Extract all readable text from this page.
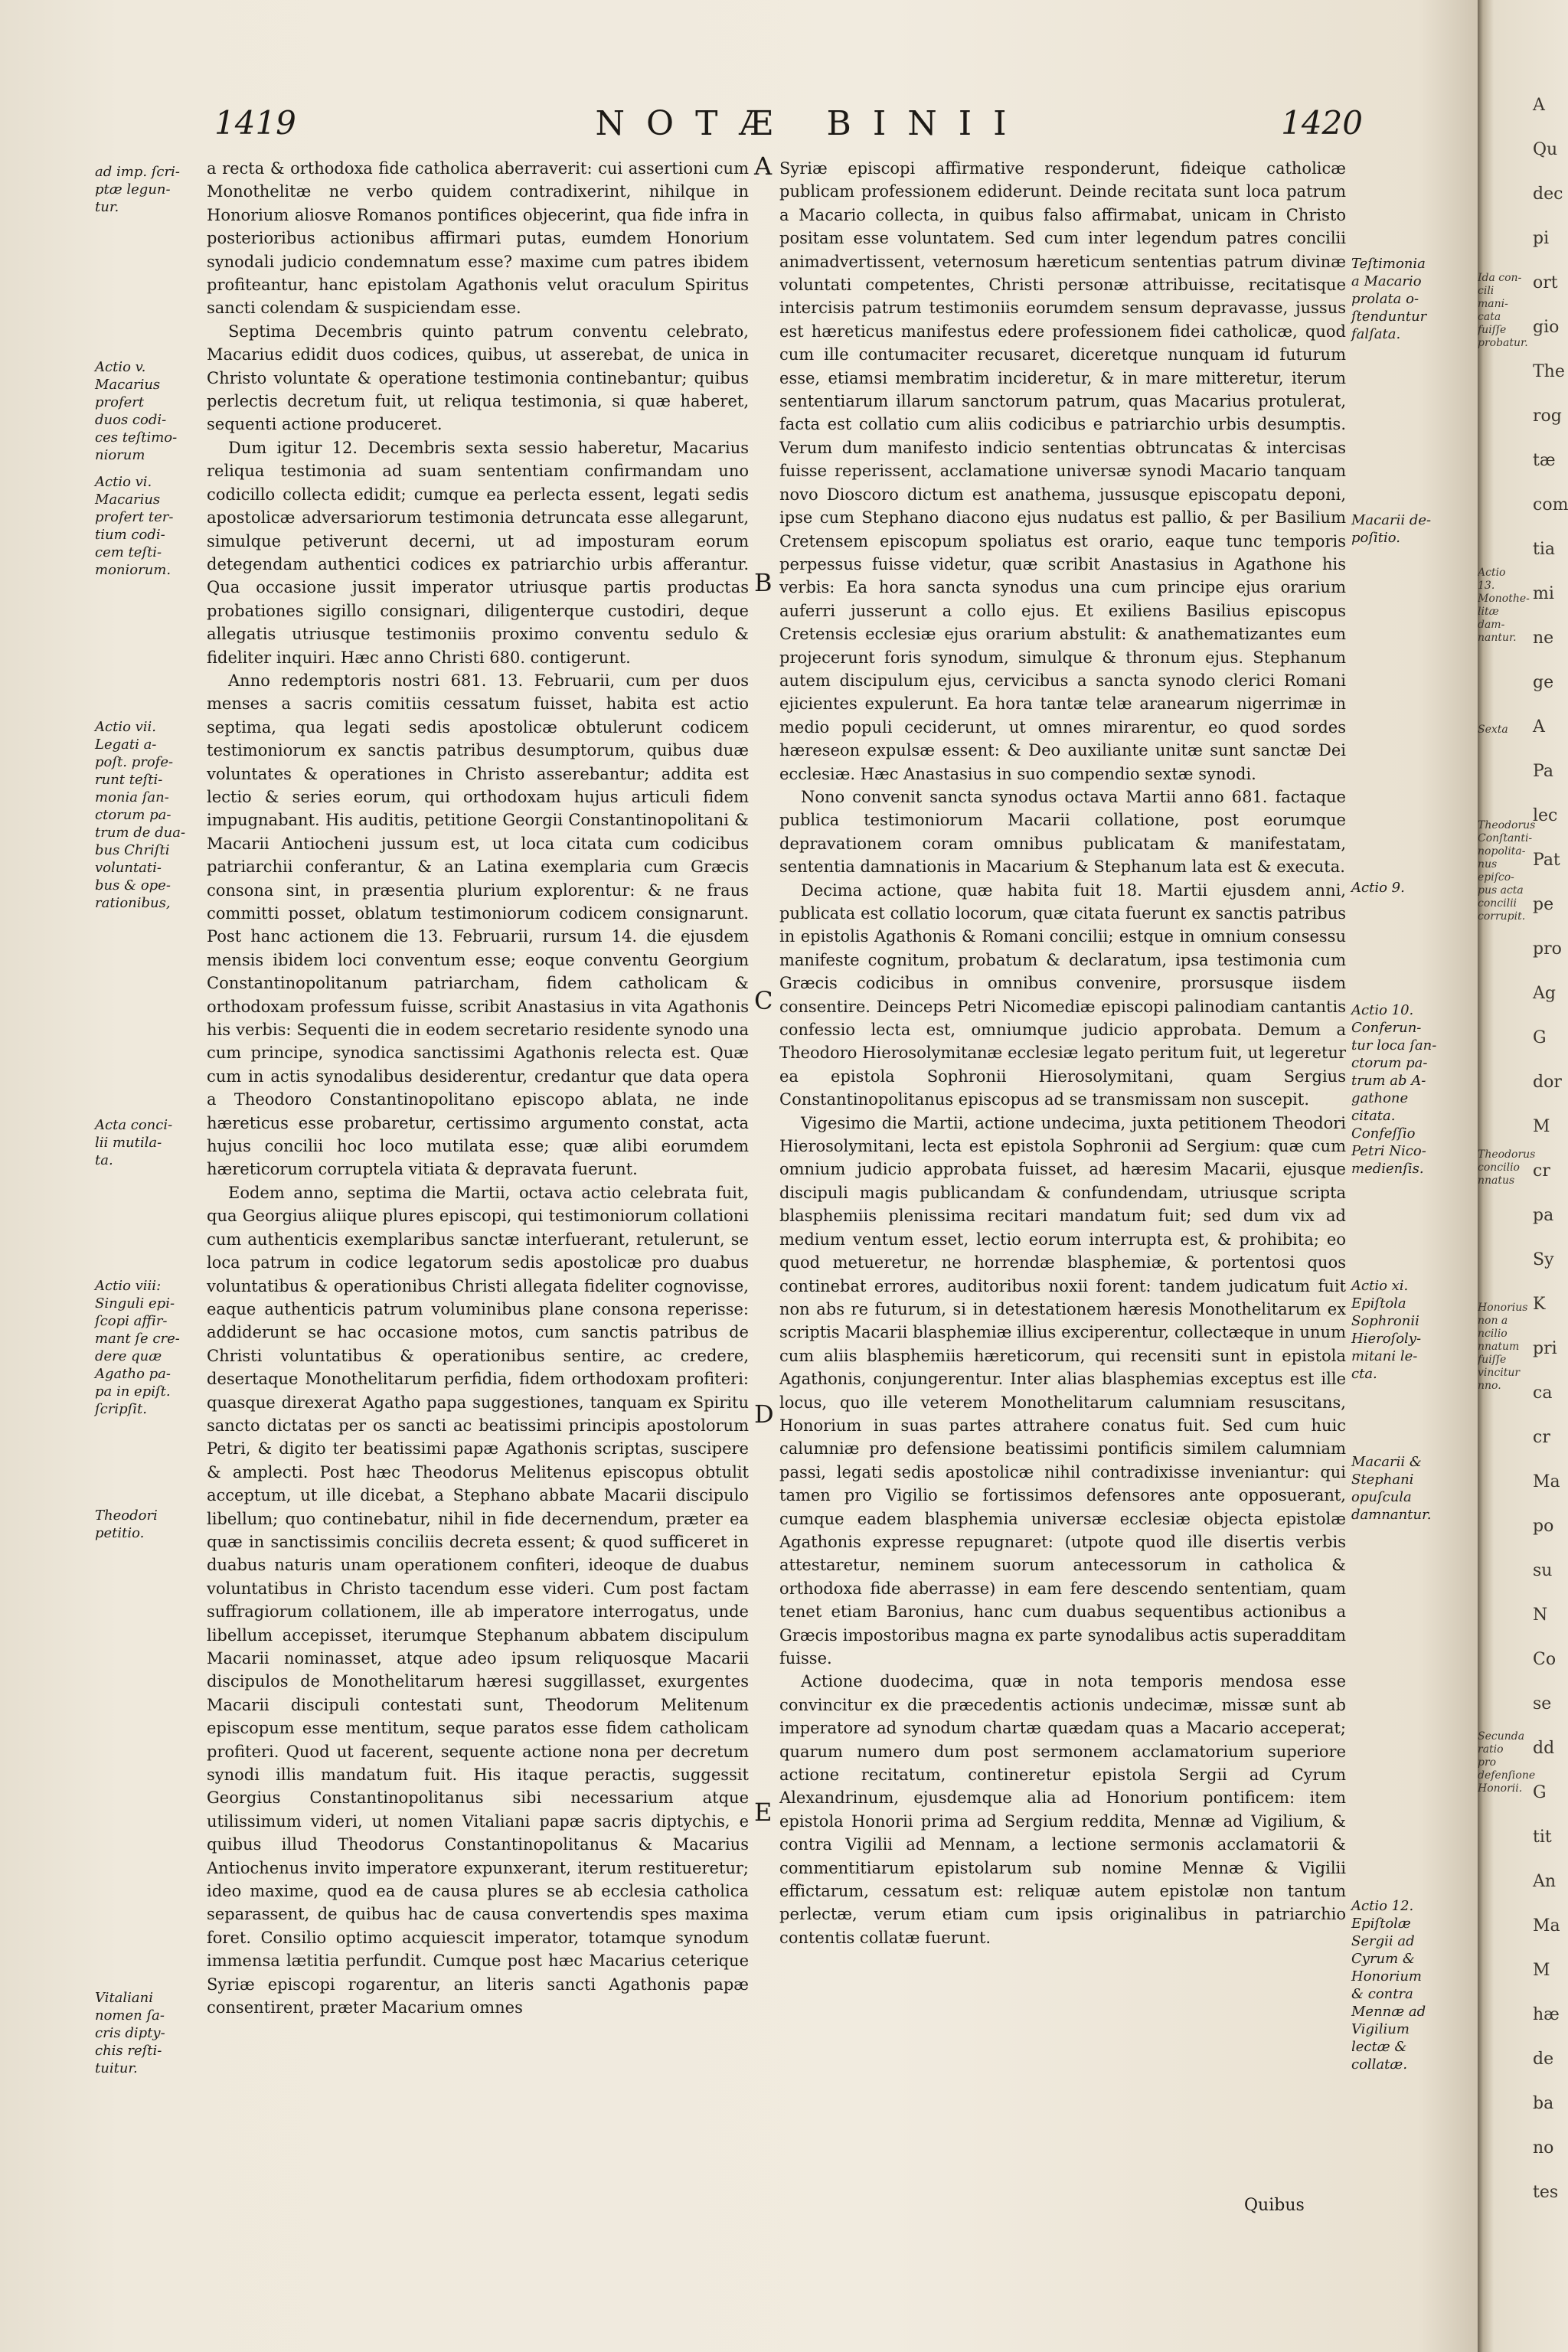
1419	NOTÆ BINII	1420

a recta & orthodoxa fide catholica aberraverit: cui assertioni cum Monothelitæ ne verbo quidem contradixerint, nihilque in Honorium aliosve Romanos pontifices objecerint, qua fide infra in posterioribus actionibus affirmari putas, eumdem Honorium synodali judicio condemnatum esse? maxime cum patres ibidem profiteantur, hanc epistolam Agathonis velut oraculum Spiritus sancti colendam & suspiciendam esse.

Septima Decembris quinto patrum conventu celebrato, Macarius edidit duos codices, quibus, ut asserebat, de unica in Christo voluntate & operatione testimonia continebantur; quibus perlectis decretum fuit, ut reliqua testimonia, si quæ haberet, sequenti actione produceret.

Dum igitur 12. Decembris sexta sessio haberetur, Macarius reliqua testimonia ad suam sententiam confirmandam uno codicillo collecta edidit; cumque ea perlecta essent, legati sedis apostolicæ adversariorum testimonia detruncata esse allegarunt, simulque petiverunt decerni, ut ad imposturam eorum detegendam authentici codices ex patriarchio urbis afferantur. Qua occasione jussit imperator utriusque partis productas probationes sigillo consignari, diligenterque custodiri, deque allegatis utriusque testimoniis proximo conventu sedulo & fideliter inquiri. Hæc anno Christi 680. contigerunt.

Anno redemptoris nostri 681. 13. Februarii, cum per duos menses a sacris comitiis cessatum fuisset, habita est actio septima, qua legati sedis apostolicæ obtulerunt codicem testimoniorum ex sanctis patribus desumptorum, quibus duæ voluntates & operationes in Christo asserebantur; addita est lectio & series eorum, qui orthodoxam hujus articuli fidem impugnabant. His auditis, petitione Georgii Constantinopolitani & Macarii Antiocheni jussum est, ut loca citata cum codicibus patriarchii conferantur, & an Latina exemplaria cum Græcis consona sint, in præsentia plurium explorentur: & ne fraus committi posset, oblatum testimoniorum codicem consignarunt. Post hanc actionem die 13. Februarii, rursum 14. die ejusdem mensis ibidem loci conventum esse; eoque conventu Georgium Constantinopolitanum patriarcham, fidem catholicam & orthodoxam professum fuisse, scribit Anastasius in vita Agathonis his verbis: Sequenti die in eodem secretario residente synodo una cum principe, synodica sanctissimi Agathonis relecta est. Quæ cum in actis synodalibus desiderentur, credantur que data opera a Theodoro Constantinopolitano episcopo ablata, ne inde hæreticus esse probaretur, certissimo argumento constat, acta hujus concilii hoc loco mutilata esse; quæ alibi eorumdem hæreticorum corruptela vitiata & depravata fuerunt.

Eodem anno, septima die Martii, octava actio celebrata fuit, qua Georgius aliique plures episcopi, qui testimoniorum collationi cum authenticis exemplaribus sanctæ interfuerant, retulerunt, se loca patrum in codice legatorum sedis apostolicæ pro duabus voluntatibus & operationibus Christi allegata fideliter cognovisse, eaque authenticis patrum voluminibus plane consona reperisse: addiderunt se hac occasione motos, cum sanctis patribus de Christi voluntatibus & operationibus sentire, ac credere, desertaque Monothelitarum perfidia, fidem orthodoxam profiteri: quasque direxerat Agatho papa suggestiones, tanquam ex Spiritu sancto dictatas per os sancti ac beatissimi principis apostolorum Petri, & digito ter beatissimi papæ Agathonis scriptas, suscipere & amplecti. Post hæc Theodorus Melitenus episcopus obtulit acceptum, ut ille dicebat, a Stephano abbate Macarii discipulo libellum; quo continebatur, nihil in fide decernendum, præter ea quæ in sanctissimis conciliis decreta essent; & quod sufficeret in duabus naturis unam operationem confiteri, ideoque de duabus voluntatibus in Christo tacendum esse videri. Cum post factam suffragiorum collationem, ille ab imperatore interrogatus, unde libellum accepisset, iterumque Stephanum abbatem discipulum Macarii nominasset, atque adeo ipsum reliquosque Macarii discipulos de Monothelitarum hæresi suggillasset, exurgentes Macarii discipuli contestati sunt, Theodorum Melitenum episcopum esse mentitum, seque paratos esse fidem catholicam profiteri. Quod ut facerent, sequente actione nona per decretum synodi illis mandatum fuit. His itaque peractis, suggessit Georgius Constantinopolitanus sibi necessarium atque utilissimum videri, ut nomen Vitaliani papæ sacris diptychis, e quibus illud Theodorus Constantinopolitanus & Macarius Antiochenus invito imperatore expunxerant, iterum restitueretur; ideo maxime, quod ea de causa plures se ab ecclesia catholica separassent, de quibus hac de causa convertendis spes maxima foret. Consilio optimo acquiescit imperator, totamque synodum immensa lætitia perfundit. Cumque post hæc Macarius ceterique Syriæ episcopi rogarentur, an literis sancti Agathonis papæ consentirent, præter Macarium omnes

Syriæ episcopi affirmative responderunt, fideique catholicæ publicam professionem ediderunt. Deinde recitata sunt loca patrum a Macario collecta, in quibus falso affirmabat, unicam in Christo positam esse voluntatem. Sed cum inter legendum patres concilii animadvertissent, veternosum hæreticum sententias patrum divinæ voluntati competentes, Christi personæ attribuisse, recitatisque intercisis patrum testimoniis eorumdem sensum depravasse, jussus est hæreticus manifestus edere professionem fidei catholicæ, quod cum ille contumaciter recusaret, diceretque nunquam id futurum esse, etiamsi membratim incideretur, & in mare mitteretur, iterum sententiarum illarum sanctorum patrum, quas Macarius protulerat, facta est collatio cum aliis codicibus e patriarchio urbis desumptis. Verum dum manifesto indicio sententias obtruncatas & intercisas fuisse reperissent, acclamatione universæ synodi Macario tanquam novo Dioscoro dictum est anathema, jussusque episcopatu deponi, ipse cum Stephano diacono ejus nudatus est pallio, & per Basilium Cretensem episcopum spoliatus est orario, eaque tunc temporis perpessus fuisse videtur, quæ scribit Anastasius in Agathone his verbis: Ea hora sancta synodus una cum principe ejus orarium auferri jusserunt a collo ejus. Et exiliens Basilius episcopus Cretensis ecclesiæ ejus orarium abstulit: & anathematizantes eum projecerunt foris synodum, simulque & thronum ejus. Stephanum autem discipulum ejus, cervicibus a sancta synodo clerici Romani ejicientes expulerunt. Ea hora tantæ telæ aranearum nigerrimæ in medio populi ceciderunt, ut omnes mirarentur, eo quod sordes hæreseon expulsæ essent: & Deo auxiliante unitæ sunt sanctæ Dei ecclesiæ. Hæc Anastasius in suo compendio sextæ synodi.

Nono convenit sancta synodus octava Martii anno 681. factaque publica testimoniorum Macarii collatione, post eorumque depravationem coram omnibus publicatam & manifestatam, sententia damnationis in Macarium & Stephanum lata est & executa.

Decima actione, quæ habita fuit 18. Martii ejusdem anni, publicata est collatio locorum, quæ citata fuerunt ex sanctis patribus in epistolis Agathonis & Romani concilii; estque in omnium consessu manifeste cognitum, probatum & declaratum, ipsa testimonia cum Græcis codicibus in omnibus convenire, prorsusque iisdem consentire. Deinceps Petri Nicomediæ episcopi palinodiam cantantis confessio lecta est, omniumque judicio approbata. Demum a Theodoro Hierosolymitanæ ecclesiæ legato peritum fuit, ut legeretur ea epistola Sophronii Hierosolymitani, quam Sergius Constantinopolitanus episcopus ad se transmissam non suscepit.

Vigesimo die Martii, actione undecima, juxta petitionem Theodori Hierosolymitani, lecta est epistola Sophronii ad Sergium: quæ cum omnium judicio approbata fuisset, ad hæresim Macarii, ejusque discipuli magis publicandam & confundendam, utriusque scripta blasphemiis plenissima recitari mandatum fuit; sed dum vix ad medium ventum esset, lectio eorum interrupta est, & prohibita; eo quod metueretur, ne horrendæ blasphemiæ, & portentosi quos continebat errores, auditoribus noxii forent: tandem judicatum fuit non abs re futurum, si in detestationem hæresis Monothelitarum ex scriptis Macarii blasphemiæ illius exciperentur, collectæque in unum cum aliis blasphemiis hæreticorum, qui recensiti sunt in epistola Agathonis, conjungerentur. Inter alias blasphemias exceptus est ille locus, quo ille veterem Monothelitarum calumniam resuscitans, Honorium in suas partes attrahere conatus fuit. Sed cum huic calumniæ pro defensione beatissimi pontificis similem calumniam passi, legati sedis apostolicæ nihil contradixisse inveniantur: qui tamen pro Vigilio se fortissimos defensores ante opposuerant, cumque eadem blasphemia universæ ecclesiæ objecta epistolæ Agathonis expresse repugnaret: (utpote quod ille disertis verbis attestaretur, neminem suorum antecessorum in catholica & orthodoxa fide aberrasse) in eam fere descendo sententiam, quam tenet etiam Baronius, hanc cum duabus sequentibus actionibus a Græcis impostoribus magna ex parte synodalibus actis superadditam fuisse.

Actione duodecima, quæ in nota temporis mendosa esse convincitur ex die præcedentis actionis undecimæ, missæ sunt ab imperatore ad synodum chartæ quædam quas a Macario acceperat; quarum numero dum post sermonem acclamatorium superiore actione recitatum, contineretur epistola Sergii ad Cyrum Alexandrinum, ejusdemque alia ad Honorium pontificem: item epistola Honorii prima ad Sergium reddita, Mennæ ad Vigilium, & contra Vigilii ad Mennam, a lectione sermonis acclamatorii & commentitiarum epistolarum sub nomine Mennæ & Vigilii effictarum, cessatum est: reliquæ autem epistolæ non tantum perlectæ, verum etiam cum ipsis originalibus in patriarchio contentis collatæ fuerunt.

ad imp. ſcri-
ptæ legun-
tur.
Actio v.
Macarius
profert
duos codi-
ces teſtimo-
niorum
Actio vi.
Macarius
profert ter-
tium codi-
cem teſti-
moniorum.
Actio vii.
Legati a-
poſt. profe-
runt teſti-
monia ſan-
ctorum pa-
trum de dua-
bus Chriſti
voluntati-
bus & ope-
rationibus,
Acta conci-
lii mutila-
ta.
Actio viii:
Singuli epi-
ſcopi affir-
mant ſe cre-
dere quæ
Agatho pa-
pa in epiſt.
ſcripſit.
Theodori
petitio.
Vitaliani
nomen ſa-
cris dipty-
chis reſti-
tuitur.
Teſtimonia
a Macario
prolata o-
ſtenduntur
falſata.
Macarii de-
poſitio.
Actio 9.
Actio 10.
Conferun-
tur loca ſan-
ctorum pa-
trum ab A-
gathone
citata.
Confeſſio
Petri Nico-
medienſis.
Actio xi.
Epiſtola
Sophronii
Hieroſoly-
mitani le-
cta.
Macarii &
Stephani
opuſcula
damnantur.
Actio 12.
Epiſtolæ
Sergii ad
Cyrum &
Honorium
& contra
Mennæ ad
Vigilium
lectæ &
collatæ.
A
B
C
D
E
Quibus
Ida con-
cili mani-
cata fuiſſe
probatur.
Actio 13.
Monothe-
litæ dam-
nantur.
Sexta
Theodorus
Conſtanti-
nopolita-
nus epiſco-
pus acta
concilii
corrupit.
Theodorus
concilio
nnatus
Honorius
non a
ncilio
nnatum
fuiſſe
vincitur
nno.
Secunda
ratio pro
defenſione
Honorii.
A
Qu
dec
pi
ort
gio
The
rog
tæ
com
tia
mi
ne
ge
A
Pa
lec
Pat
pe
pro
Ag
G
dor
M
cr
pa
Sy
K
pri
ca
cr
Ma
po
su
N
Co
se
dd
G
tit
An
Ma
M
hæ
de
ba
no
tes
